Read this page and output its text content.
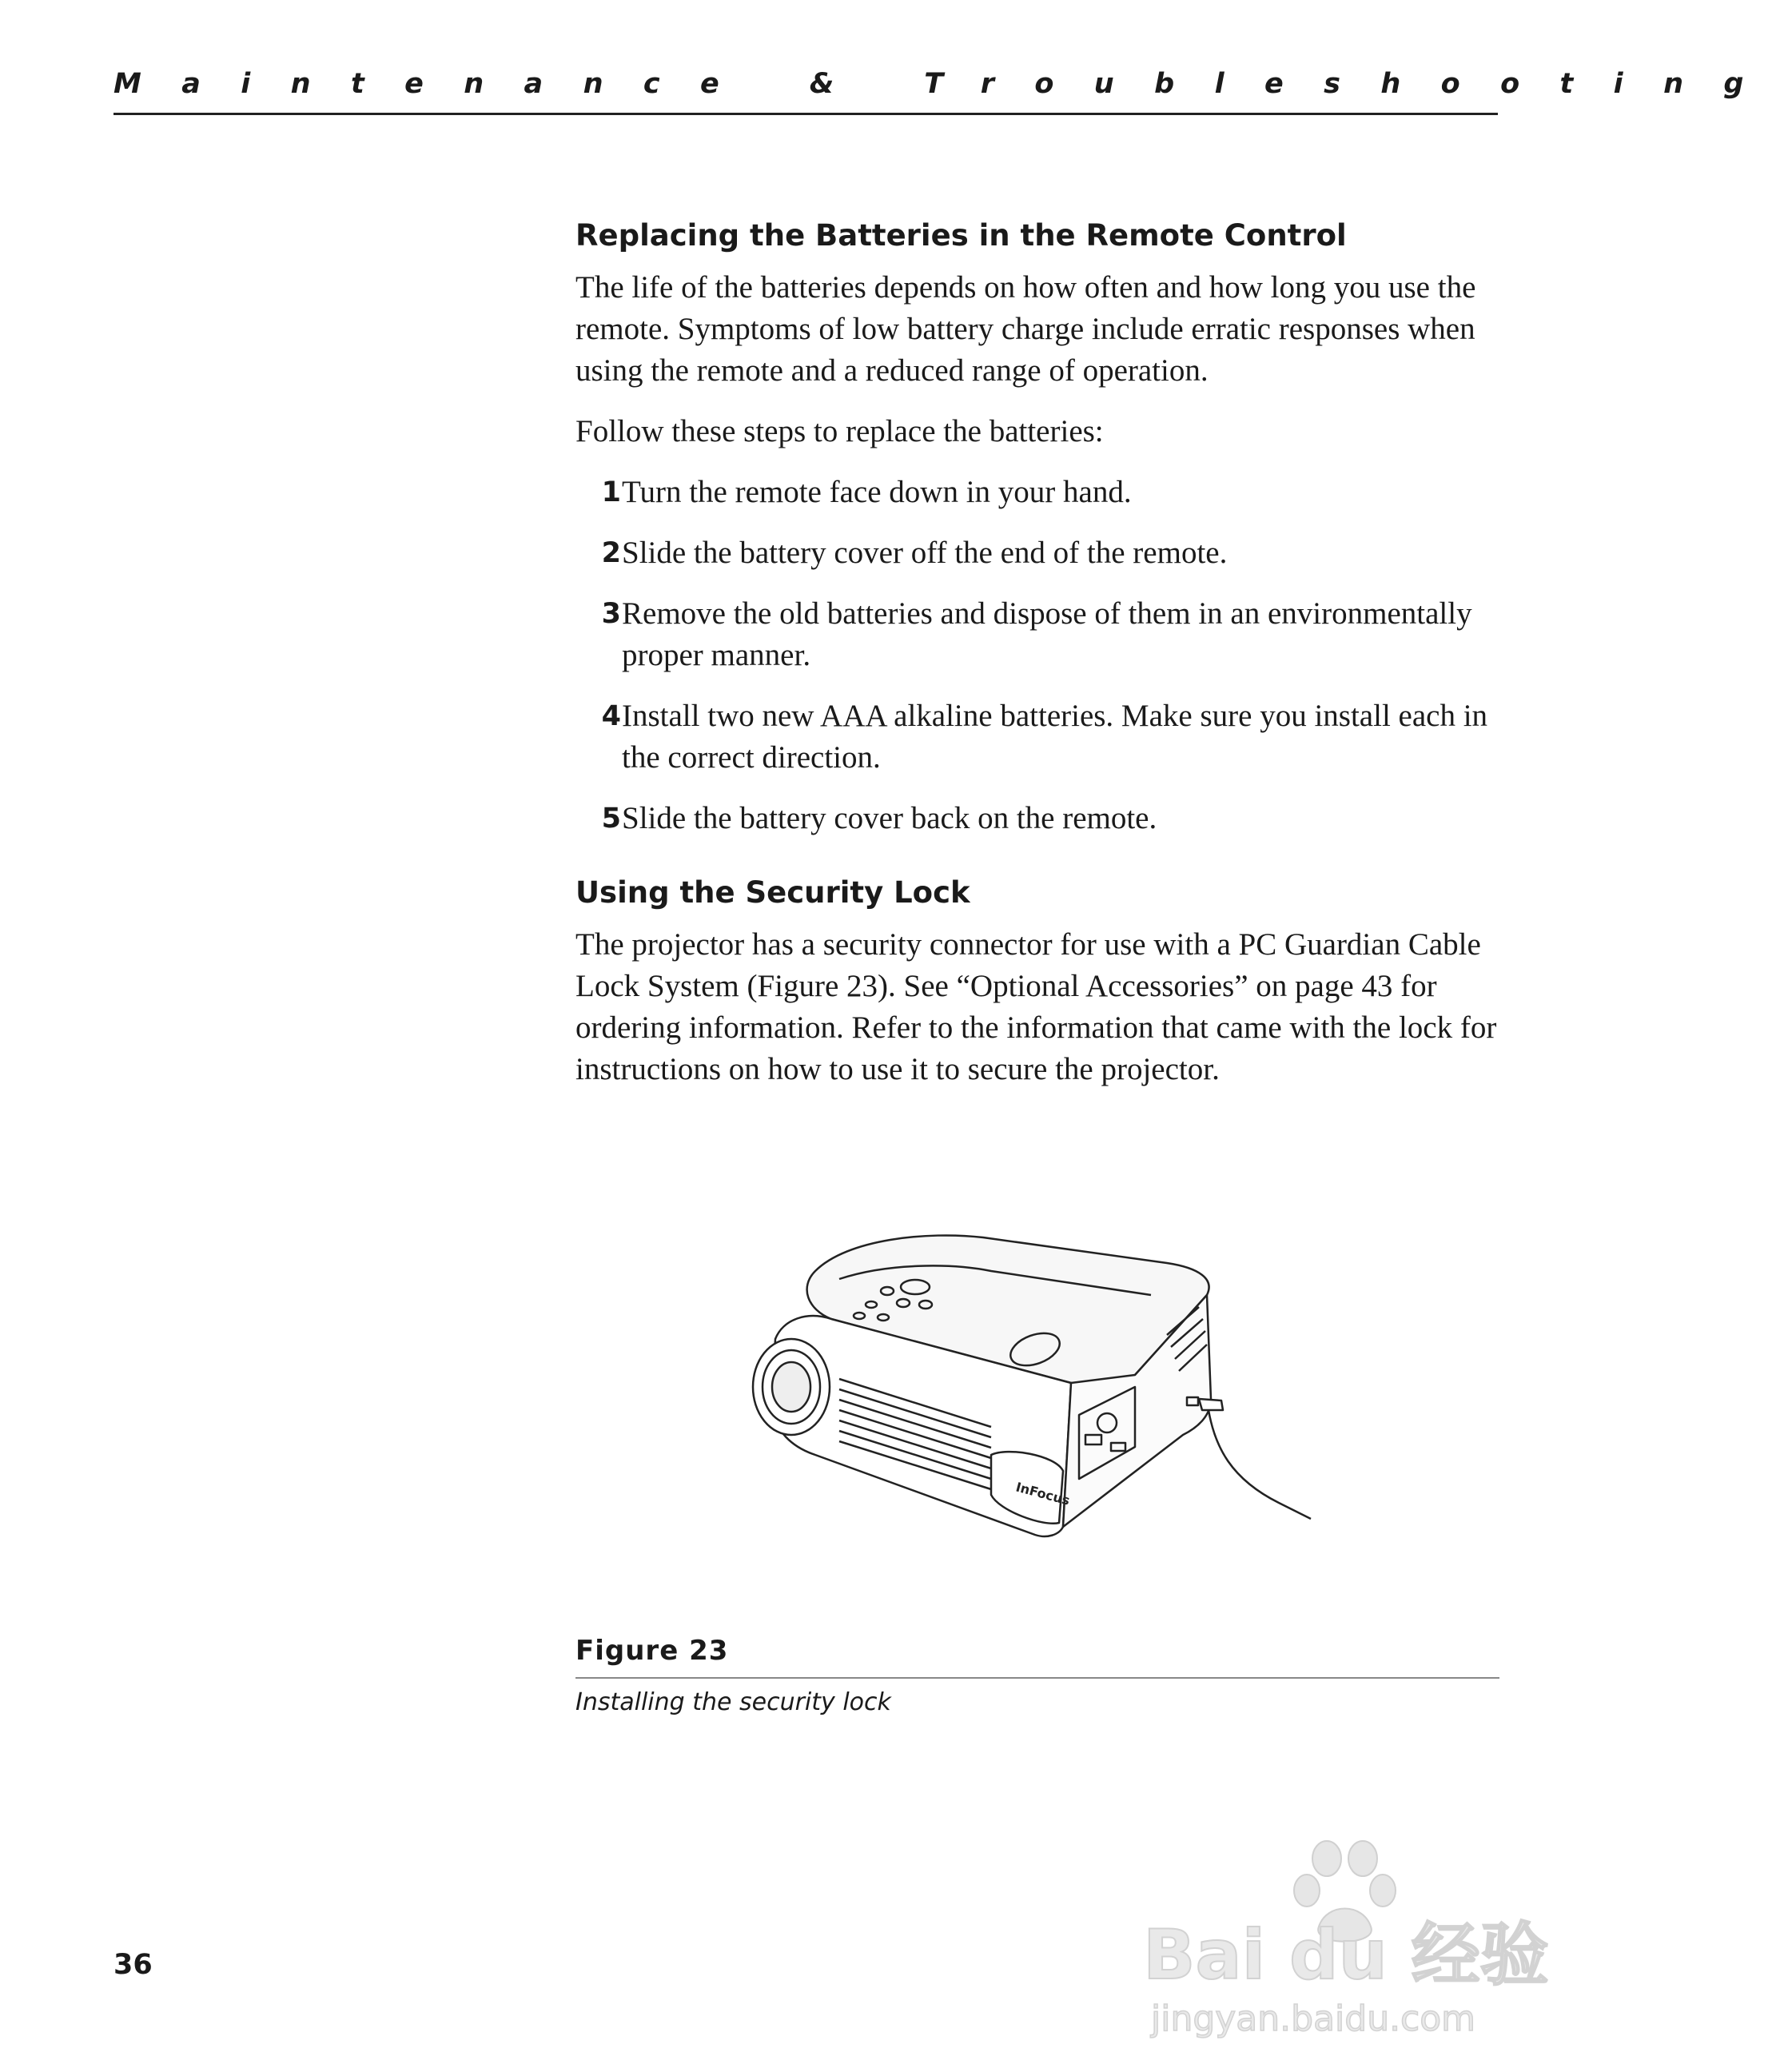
Maintenance & Troubleshooting
Replacing the Batteries in the Remote Control

The life of the batteries depends on how often and how long you use the remote. Symptoms of low battery charge include erratic responses when using the remote and a reduced range of operation.

Follow these steps to replace the batteries:

1 Turn the remote face down in your hand.
2 Slide the battery cover off the end of the remote.
3 Remove the old batteries and dispose of them in an environmentally proper manner.
4 Install two new AAA alkaline batteries. Make sure you install each in the correct direction.
5 Slide the battery cover back on the remote.
Using the Security Lock

The projector has a security connector for use with a PC Guardian Cable Lock System (Figure 23). See “Optional Accessories” on page 43 for ordering information. Refer to the information that came with the lock for instructions on how to use it to secure the projector.

InFocus
Figure 23
Installing the security lock
36	Bai du 经验
jingyan.baidu.com
